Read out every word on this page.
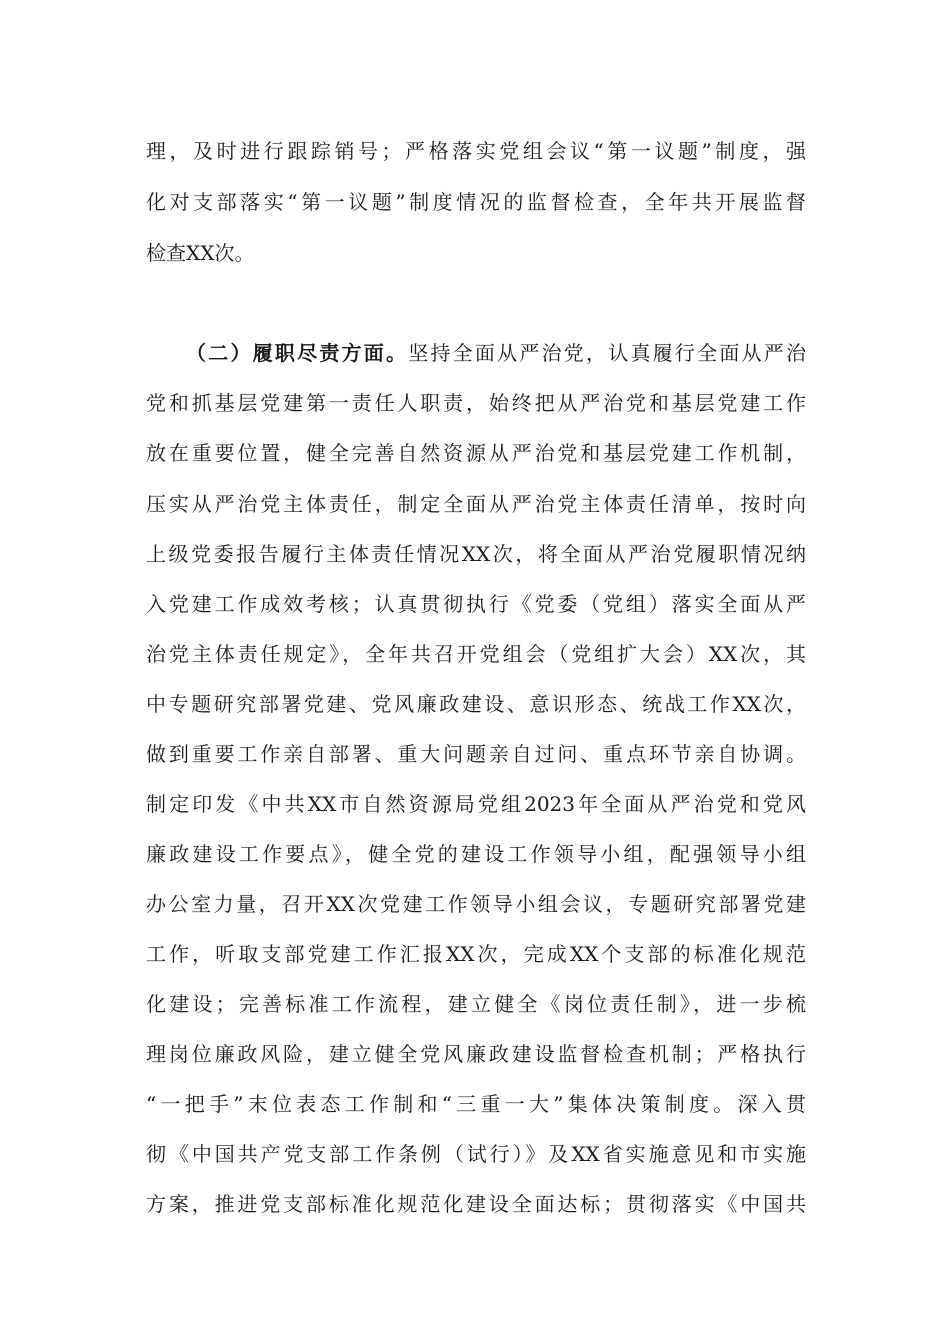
理，及时进行跟踪销号；严格落实党组会议“第一议题”制度，强
化对支部落实“第一议题”制度情况的监督检查，全年共开展监督
检查XX次。
（二）履职尽责方面。坚持全面从严治党，认真履行全面从严治
党和抓基层党建第一责任人职责，始终把从严治党和基层党建工作
放在重要位置，健全完善自然资源从严治党和基层党建工作机制，
压实从严治党主体责任，制定全面从严治党主体责任清单，按时向
上级党委报告履行主体责任情况XX次，将全面从严治党履职情况纳
入党建工作成效考核；认真贯彻执行《党委（党组）落实全面从严
治党主体责任规定》，全年共召开党组会（党组扩大会）XX次，其
中专题研究部署党建、党风廉政建设、意识形态、统战工作XX次，
做到重要工作亲自部署、重大问题亲自过问、重点环节亲自协调。
制定印发《中共XX市自然资源局党组2023年全面从严治党和党风
廉政建设工作要点》，健全党的建设工作领导小组，配强领导小组
办公室力量，召开XX次党建工作领导小组会议，专题研究部署党建
工作，听取支部党建工作汇报XX次，完成XX个支部的标准化规范
化建设；完善标准工作流程，建立健全《岗位责任制》，进一步梳
理岗位廉政风险，建立健全党风廉政建设监督检查机制；严格执行
“一把手”末位表态工作制和“三重一大”集体决策制度。深入贯
彻《中国共产党支部工作条例（试行）》及XX省实施意见和市实施
方案，推进党支部标准化规范化建设全面达标；贯彻落实《中国共
